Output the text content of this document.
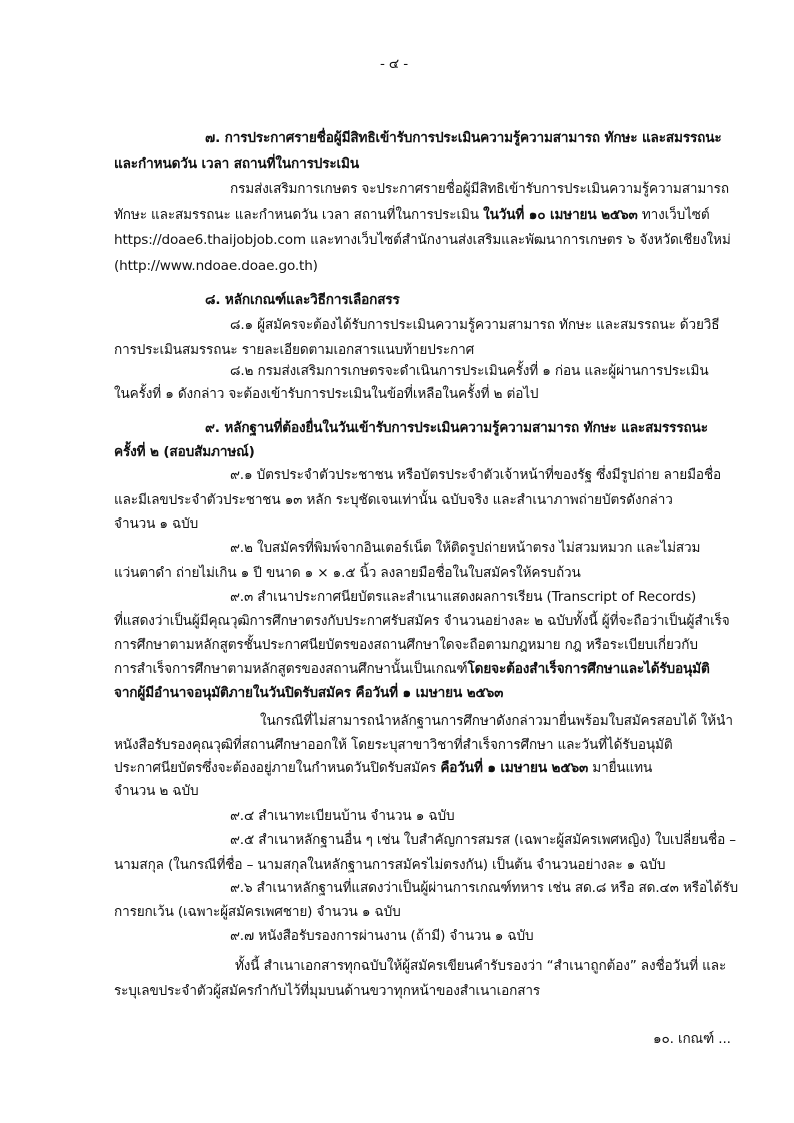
- ๔ -
๗. การประกาศรายชื่อผู้มีสิทธิเข้ารับการประเมินความรู้ความสามารถ ทักษะ และสมรรถนะ
และกำหนดวัน เวลา สถานที่ในการประเมิน
กรมส่งเสริมการเกษตร จะประกาศรายชื่อผู้มีสิทธิเข้ารับการประเมินความรู้ความสามารถ
ทักษะ และสมรรถนะ และกำหนดวัน เวลา สถานที่ในการประเมิน ในวันที่ ๑๐ เมษายน ๒๕๖๓ ทางเว็บไซต์
https://doae6.thaijobjob.com และทางเว็บไซต์สำนักงานส่งเสริมและพัฒนาการเกษตร ๖ จังหวัดเชียงใหม่
(http://www.ndoae.doae.go.th)
๘. หลักเกณฑ์และวิธีการเลือกสรร
๘.๑ ผู้สมัครจะต้องได้รับการประเมินความรู้ความสามารถ ทักษะ และสมรรถนะ ด้วยวิธี
การประเมินสมรรถนะ รายละเอียดตามเอกสารแนบท้ายประกาศ
๘.๒ กรมส่งเสริมการเกษตรจะดำเนินการประเมินครั้งที่ ๑ ก่อน และผู้ผ่านการประเมิน
ในครั้งที่ ๑ ดังกล่าว จะต้องเข้ารับการประเมินในข้อที่เหลือในครั้งที่ ๒ ต่อไป
๙. หลักฐานที่ต้องยื่นในวันเข้ารับการประเมินความรู้ความสามารถ ทักษะ และสมรรรถนะ
ครั้งที่ ๒ (สอบสัมภาษณ์)
๙.๑ บัตรประจำตัวประชาชน หรือบัตรประจำตัวเจ้าหน้าที่ของรัฐ ซึ่งมีรูปถ่าย ลายมือชื่อ
และมีเลขประจำตัวประชาชน ๑๓ หลัก ระบุชัดเจนเท่านั้น ฉบับจริง และสำเนาภาพถ่ายบัตรดังกล่าว
จำนวน ๑ ฉบับ
๙.๒ ใบสมัครที่พิมพ์จากอินเตอร์เน็ต ให้ติดรูปถ่ายหน้าตรง ไม่สวมหมวก และไม่สวม
แว่นตาดำ ถ่ายไม่เกิน ๑ ปี ขนาด ๑ × ๑.๕ นิ้ว ลงลายมือชื่อในใบสมัครให้ครบถ้วน
๙.๓ สำเนาประกาศนียบัตรและสำเนาแสดงผลการเรียน (Transcript of Records)
ที่แสดงว่าเป็นผู้มีคุณวุฒิการศึกษาตรงกับประกาศรับสมัคร จำนวนอย่างละ ๒ ฉบับทั้งนี้ ผู้ที่จะถือว่าเป็นผู้สำเร็จ
การศึกษาตามหลักสูตรชั้นประกาศนียบัตรของสถานศึกษาใดจะถือตามกฎหมาย กฎ หรือระเบียบเกี่ยวกับ
การสำเร็จการศึกษาตามหลักสูตรของสถานศึกษานั้นเป็นเกณฑ์โดยจะต้องสำเร็จการศึกษาและได้รับอนุมัติ
จากผู้มีอำนาจอนุมัติภายในวันปิดรับสมัคร คือวันที่ ๑ เมษายน ๒๕๖๓
ในกรณีที่ไม่สามารถนำหลักฐานการศึกษาดังกล่าวมายื่นพร้อมใบสมัครสอบได้ ให้นำ
หนังสือรับรองคุณวุฒิที่สถานศึกษาออกให้ โดยระบุสาขาวิชาที่สำเร็จการศึกษา และวันที่ได้รับอนุมัติ
ประกาศนียบัตรซึ่งจะต้องอยู่ภายในกำหนดวันปิดรับสมัคร คือวันที่ ๑ เมษายน ๒๕๖๓ มายื่นแทน
จำนวน ๒ ฉบับ
๙.๔ สำเนาทะเบียนบ้าน จำนวน ๑ ฉบับ
๙.๕ สำเนาหลักฐานอื่น ๆ เช่น ใบสำคัญการสมรส (เฉพาะผู้สมัครเพศหญิง) ใบเปลี่ยนชื่อ –
นามสกุล (ในกรณีที่ชื่อ – นามสกุลในหลักฐานการสมัครไม่ตรงกัน) เป็นต้น จำนวนอย่างละ ๑ ฉบับ
๙.๖ สำเนาหลักฐานที่แสดงว่าเป็นผู้ผ่านการเกณฑ์ทหาร เช่น สด.๘ หรือ สด.๔๓ หรือได้รับ
การยกเว้น (เฉพาะผู้สมัครเพศชาย) จำนวน ๑ ฉบับ
๙.๗ หนังสือรับรองการผ่านงาน (ถ้ามี) จำนวน ๑ ฉบับ
ทั้งนี้ สำเนาเอกสารทุกฉบับให้ผู้สมัครเขียนคำรับรองว่า “สำเนาถูกต้อง” ลงชื่อวันที่ และ
ระบุเลขประจำตัวผู้สมัครกำกับไว้ที่มุมบนด้านขวาทุกหน้าของสำเนาเอกสาร
๑๐. เกณฑ์ ...
